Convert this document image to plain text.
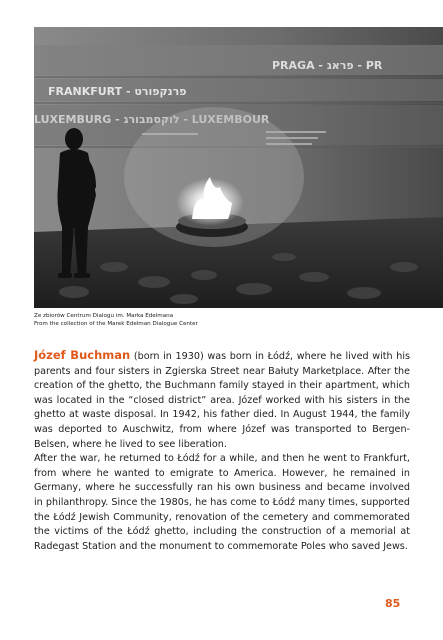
PRAGA - פראג - PR
FRANKFURT - פרנקפורט
LUXEMBURG - לוקסמבורג - LUXEMBOUR
Ze zbiorów Centrum Dialogu im. Marka Edelmana
From the collection of the Marek Edelman Dialogue Center

Józef Buchman (born in 1930) was born in Łódź, where he lived with his parents and four sisters in Zgierska Street near Bałuty Marketplace. After the creation of the ghetto, the Buchmann family stayed in their apartment, which was located in the “closed district” area. Józef worked with his sisters in the ghetto at waste disposal. In 1942, his father died. In August 1944, the family was deported to Auschwitz, from where Józef was transported to Bergen-Belsen, where he lived to see liberation.

After the war, he returned to Łódź for a while, and then he went to Frankfurt, from where he wanted to emigrate to America. However, he remained in Germany, where he successfully ran his own business and became involved in philanthropy. Since the 1980s, he has come to Łódź many times, supported the Łódź Jewish Community, renovation of the cemetery and commemorated the victims of the Łódź ghetto, including the construction of a memorial at Radegast Station and the monument to commemorate Poles who saved Jews.

85
